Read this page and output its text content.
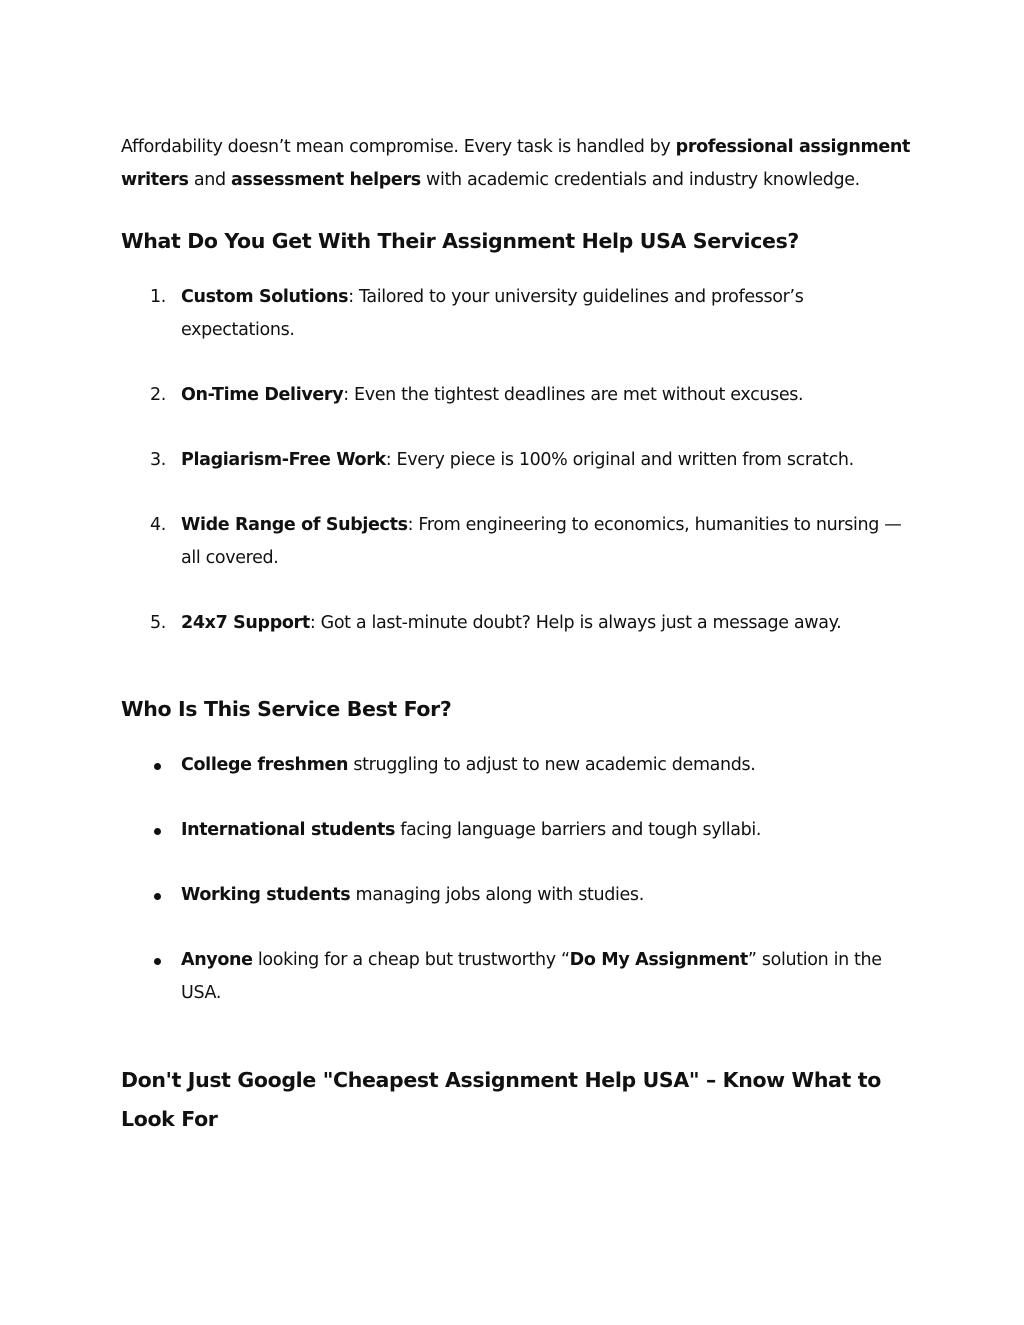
Affordability doesn’t mean compromise. Every task is handled by professional assignment writers and assessment helpers with academic credentials and industry knowledge.

What Do You Get With Their Assignment Help USA Services?
1. Custom Solutions: Tailored to your university guidelines and professor’s expectations.
2. On-Time Delivery: Even the tightest deadlines are met without excuses.
3. Plagiarism-Free Work: Every piece is 100% original and written from scratch.
4. Wide Range of Subjects: From engineering to economics, humanities to nursing — all covered.
5. 24x7 Support: Got a last-minute doubt? Help is always just a message away.
Who Is This Service Best For?
College freshmen struggling to adjust to new academic demands.
International students facing language barriers and tough syllabi.
Working students managing jobs along with studies.
Anyone looking for a cheap but trustworthy “Do My Assignment” solution in the USA.
Don't Just Google "Cheapest Assignment Help USA" – Know What to Look For
